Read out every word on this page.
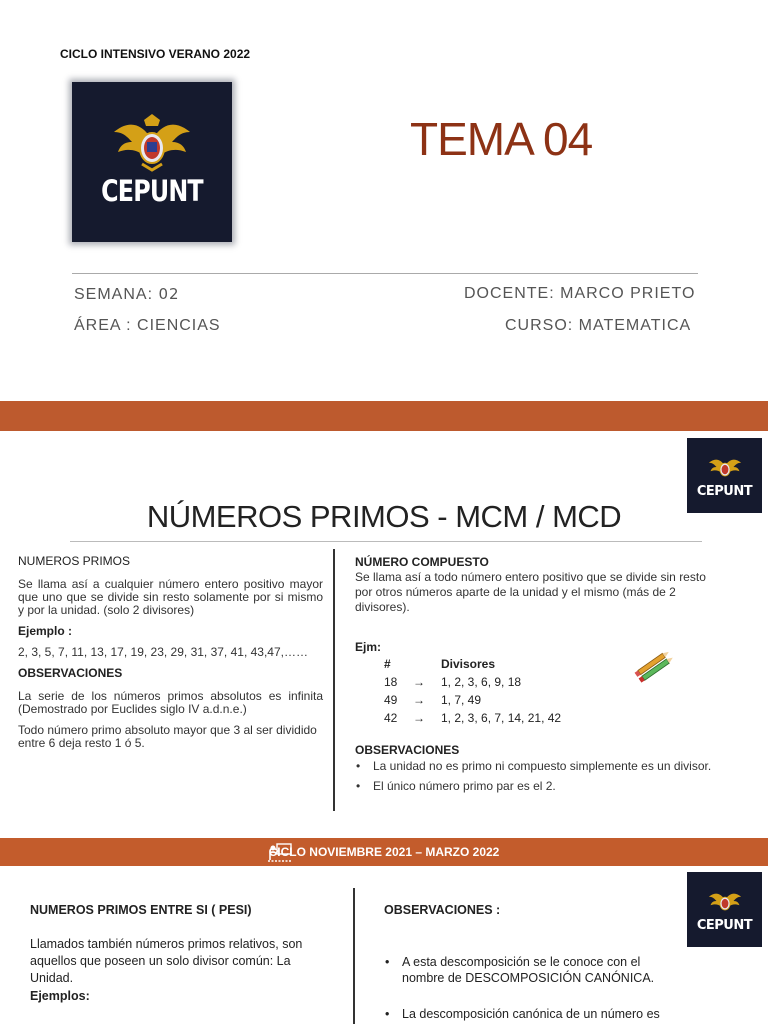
CICLO INTENSIVO VERANO 2022
CEPUNT
TEMA 04
SEMANA: 02
ÁREA : CIENCIAS
DOCENTE: MARCO PRIETO
CURSO: MATEMATICA
CEPUNT
NÚMEROS PRIMOS - MCM / MCD
NUMEROS PRIMOS

Se llama así a cualquier número entero positivo mayor que uno que se divide sin resto solamente por si mismo y por la unidad. (solo 2 divisores)

Ejemplo :

2, 3, 5, 7, 11, 13, 17, 19, 23, 29, 31, 37, 41, 43,47,……

OBSERVACIONES

La serie de los números primos absolutos es infinita (Demostrado por Euclides siglo IV a.d.n.e.)

Todo número primo absoluto mayor que 3 al ser dividido entre 6 deja resto 1 ó 5.

NÚMERO COMPUESTO

Se llama así a todo número entero positivo que se divide sin resto por otros números aparte de la unidad y el mismo (más de 2 divisores).

Ejm:
#	Divisores
18 → 1, 2, 3, 6, 9, 18
49 → 1, 7, 49
42 → 1, 2, 3, 6, 7, 14, 21, 42
OBSERVACIONES
• La unidad no es primo ni compuesto simplemente es un divisor.
• El único número primo par es el 2.
CICLO NOVIEMBRE 2021 – MARZO 2022
CEPUNT
NUMEROS PRIMOS ENTRE SI ( PESI)
Llamados también números primos relativos, son aquellos que poseen un solo divisor común: La Unidad.
Ejemplos:
OBSERVACIONES :
• A esta descomposición se le conoce con el nombre de DESCOMPOSICIÓN CANÓNICA.
• La descomposición canónica de un número es
